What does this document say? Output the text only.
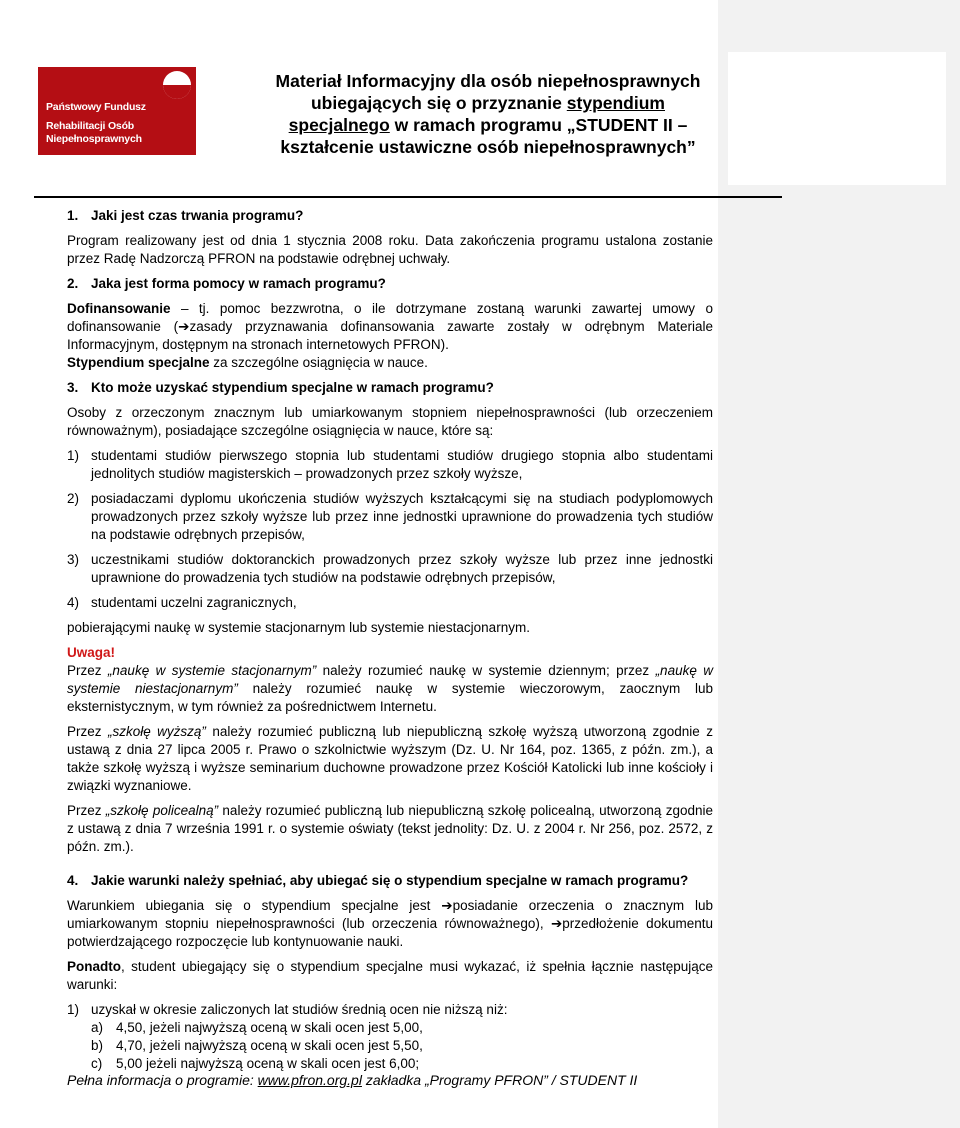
Państwowy Fundusz
Rehabilitacji Osób
Niepełnosprawnych
Materiał Informacyjny dla osób niepełnosprawnych
ubiegających się o przyznanie stypendium
specjalnego w ramach programu „STUDENT II –
kształcenie ustawiczne osób niepełnosprawnych”

1. Jaki jest czas trwania programu?

Program realizowany jest od dnia 1 stycznia 2008 roku. Data zakończenia programu ustalona zostanie przez Radę Nadzorczą PFRON na podstawie odrębnej uchwały.

2. Jaka jest forma pomocy w ramach programu?

Dofinansowanie – tj. pomoc bezzwrotna, o ile dotrzymane zostaną warunki zawartej umowy o dofinansowanie (➔zasady przyznawania dofinansowania zawarte zostały w odrębnym Materiale Informacyjnym, dostępnym na stronach internetowych PFRON).

Stypendium specjalne za szczególne osiągnięcia w nauce.

3. Kto może uzyskać stypendium specjalne w ramach programu?

Osoby z orzeczonym znacznym lub umiarkowanym stopniem niepełnosprawności (lub orzeczeniem równoważnym), posiadające szczególne osiągnięcia w nauce, które są:

1) studentami studiów pierwszego stopnia lub studentami studiów drugiego stopnia albo studentami jednolitych studiów magisterskich – prowadzonych przez szkoły wyższe,
2) posiadaczami dyplomu ukończenia studiów wyższych kształcącymi się na studiach podyplomowych prowadzonych przez szkoły wyższe lub przez inne jednostki uprawnione do prowadzenia tych studiów na podstawie odrębnych przepisów,
3) uczestnikami studiów doktoranckich prowadzonych przez szkoły wyższe lub przez inne jednostki uprawnione do prowadzenia tych studiów na podstawie odrębnych przepisów,
4) studentami uczelni zagranicznych,

pobierającymi naukę w systemie stacjonarnym lub systemie niestacjonarnym.

Uwaga!

Przez „naukę w systemie stacjonarnym” należy rozumieć naukę w systemie dziennym; przez „naukę w systemie niestacjonarnym” należy rozumieć naukę w systemie wieczorowym, zaocznym lub eksternistycznym, w tym również za pośrednictwem Internetu.

Przez „szkołę wyższą” należy rozumieć publiczną lub niepubliczną szkołę wyższą utworzoną zgodnie z ustawą z dnia 27 lipca 2005 r. Prawo o szkolnictwie wyższym (Dz. U. Nr 164, poz. 1365, z późn. zm.), a także szkołę wyższą i wyższe seminarium duchowne prowadzone przez Kościół Katolicki lub inne kościoły i związki wyznaniowe.

Przez „szkołę policealną” należy rozumieć publiczną lub niepubliczną szkołę policealną, utworzoną zgodnie z ustawą z dnia 7 września 1991 r. o systemie oświaty (tekst jednolity: Dz. U. z 2004 r. Nr 256, poz. 2572, z późn. zm.).

4. Jakie warunki należy spełniać, aby ubiegać się o stypendium specjalne w ramach programu?

Warunkiem ubiegania się o stypendium specjalne jest ➔posiadanie orzeczenia o znacznym lub umiarkowanym stopniu niepełnosprawności (lub orzeczenia równoważnego), ➔przedłożenie dokumentu potwierdzającego rozpoczęcie lub kontynuowanie nauki.

Ponadto, student ubiegający się o stypendium specjalne musi wykazać, iż spełnia łącznie następujące warunki:

1) uzyskał w okresie zaliczonych lat studiów średnią ocen nie niższą niż:
a) 4,50, jeżeli najwyższą oceną w skali ocen jest 5,00,
b) 4,70, jeżeli najwyższą oceną w skali ocen jest 5,50,
c) 5,00 jeżeli najwyższą oceną w skali ocen jest 6,00;
Pełna informacja o programie: www.pfron.org.pl zakładka „Programy PFRON” / STUDENT II
